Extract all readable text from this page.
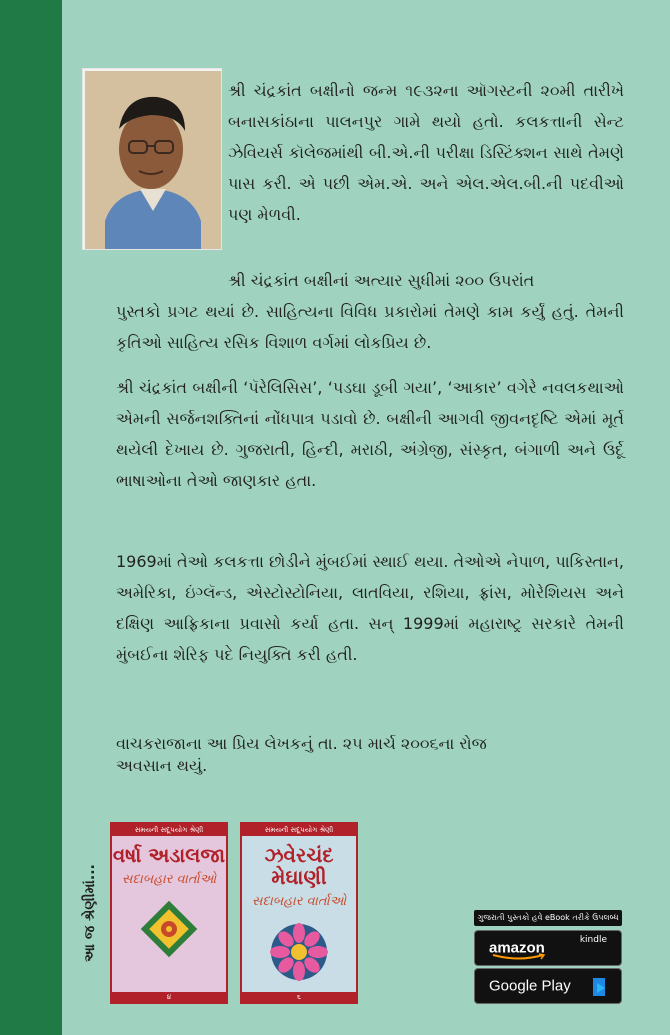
શ્રી ચંદ્રકાંત બક્ષીનો જન્મ ૧૯૩૨ના ઑગસ્ટની ૨૦મી તારીખે બનાસકાંઠાના પાલનપુર ગામે થયો હતો. કલકત્તાની સેન્ટ ઝેવિયર્સ કૉલેજમાંથી બી.એ.ની પરીક્ષા ડિસ્ટિંક્શન સાથે તેમણે પાસ કરી. એ પછી એમ.એ. અને એલ.એલ.બી.ની પદવીઓ પણ મેળવી.
શ્રી ચંદ્રકાંત બક્ષીનાં અત્યાર સુધીમાં ૨૦૦ ઉપરાંત
પુસ્તકો પ્રગટ થયાં છે. સાહિત્યના વિવિધ પ્રકારોમાં તેમણે કામ કર્યું હતું. તેમની કૃતિઓ સાહિત્ય રસિક વિશાળ વર્ગમાં લોકપ્રિય છે.
શ્રી ચંદ્રકાંત બક્ષીની ‘પૅરેલિસિસ’, ‘પડઘા ડૂબી ગયા’, ‘આકાર’ વગેરે નવલકથાઓ એમની સર્જનશક્તિનાં નોંધપાત્ર પડાવો છે. બક્ષીની આગવી જીવનદૃષ્ટિ એમાં મૂર્ત થયેલી દેખાય છે. ગુજરાતી, હિન્દી, મરાઠી, અંગ્રેજી, સંસ્કૃત, બંગાળી અને ઉર્દૂ ભાષાઓના તેઓ જાણકાર હતા.
1969માં તેઓ કલકત્તા છોડીને મુંબઈમાં સ્થાઈ થયા. તેઓએ નેપાળ, પાકિસ્તાન, અમેરિકા, ઇંગ્લૅન્ડ, એસ્ટોસ્ટોનિયા, લાતવિયા, રશિયા, ફ્રાંસ, મોરેશિયસ અને દક્ષિણ આફ્રિકાના પ્રવાસો કર્યા હતા. સન્ 1999માં મહારાષ્ટ્ર સરકારે તેમની મુંબઈના શેરિફ પદે નિયુક્તિ કરી હતી.
વાચકરાજાના આ પ્રિય લેખકનું તા. ૨૫ માર્ચ ૨૦૦૬ના રોજ
અવસાન થયું.
આ જ શ્રેણીમાં...
સમયની સદૂપયોગ શ્રેણી
વર્ષા અડાલજા
સદાબહાર વાર્તાઓ
૪
સમયની સદૂપયોગ શ્રેણી
ઝવેરચંદ મેઘાણી
સદાબહાર વાર્તાઓ
૬
ગુજરાતી પુસ્તકો હવે eBook તરીકે ઉપલબ્ધ
amazon	kindle
Google Play
